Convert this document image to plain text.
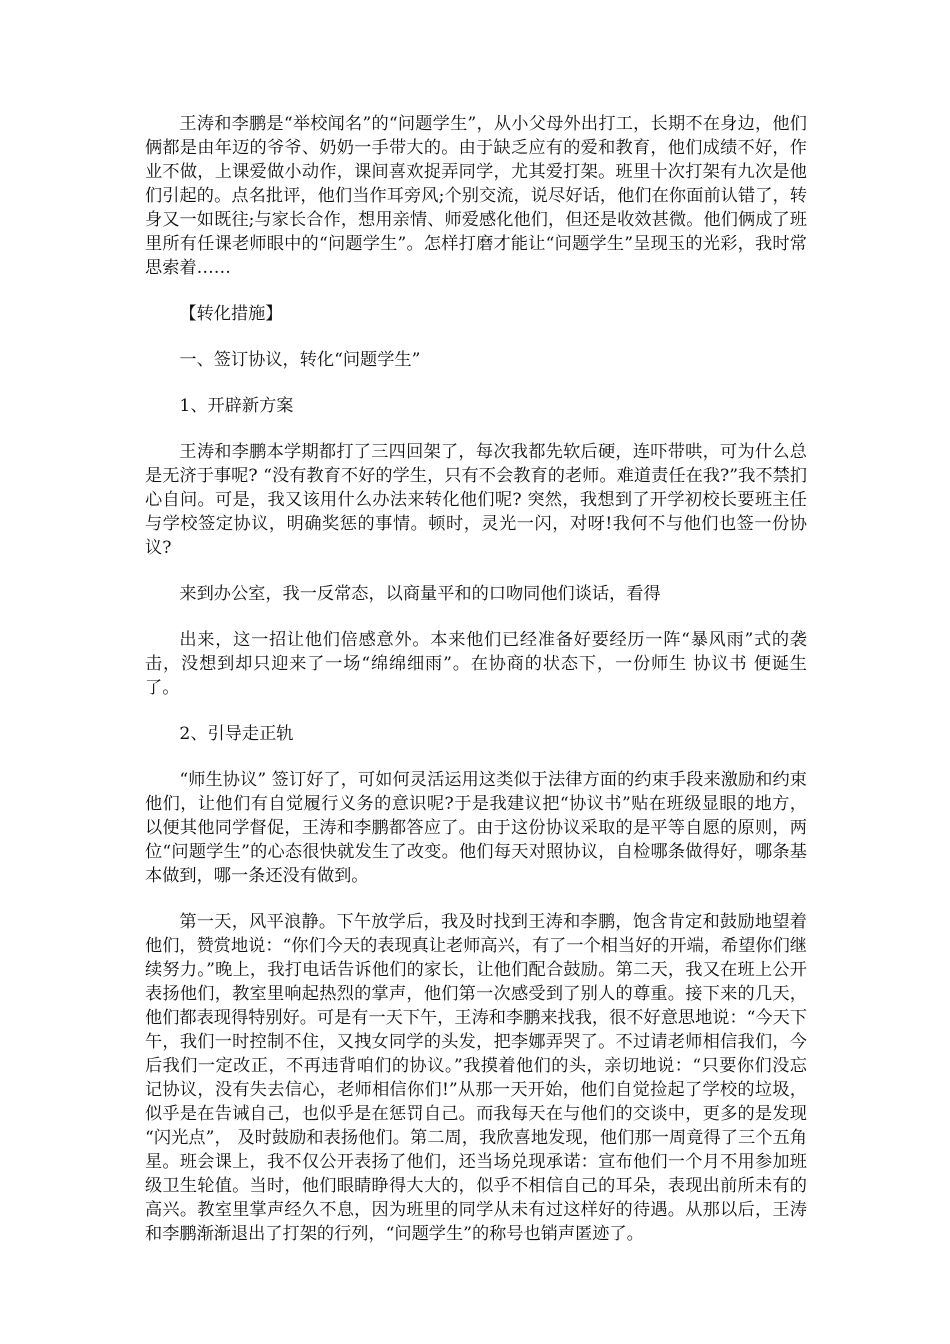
王涛和李鹏是“举校闻名”的“问题学生”，从小父母外出打工，长期不在身边，他们俩都是由年迈的爷爷、奶奶一手带大的。由于缺乏应有的爱和教育，他们成绩不好，作业不做，上课爱做小动作，课间喜欢捉弄同学，尤其爱打架。班里十次打架有九次是他们引起的。点名批评，他们当作耳旁风;个别交流，说尽好话，他们在你面前认错了，转身又一如既往;与家长合作，想用亲情、师爱感化他们，但还是收效甚微。他们俩成了班里所有任课老师眼中的“问题学生”。怎样打磨才能让“问题学生”呈现玉的光彩，我时常思索着……

【转化措施】

一、签订协议，转化“问题学生”

1、开辟新方案

王涛和李鹏本学期都打了三四回架了，每次我都先软后硬，连吓带哄，可为什么总是无济于事呢? “没有教育不好的学生，只有不会教育的老师。难道责任在我?”我不禁扪心自问。可是，我又该用什么办法来转化他们呢? 突然，我想到了开学初校长要班主任与学校签定协议，明确奖惩的事情。顿时，灵光一闪，对呀!我何不与他们也签一份协议?

来到办公室，我一反常态，以商量平和的口吻同他们谈话，看得

出来，这一招让他们倍感意外。本来他们已经准备好要经历一阵“暴风雨”式的袭击，没想到却只迎来了一场“绵绵细雨”。在协商的状态下，一份师生 协议书 便诞生了。

2、引导走正轨

“师生协议” 签订好了，可如何灵活运用这类似于法律方面的约束手段来激励和约束他们，让他们有自觉履行义务的意识呢?于是我建议把“协议书”贴在班级显眼的地方，以便其他同学督促，王涛和李鹏都答应了。由于这份协议采取的是平等自愿的原则，两位“问题学生”的心态很快就发生了改变。他们每天对照协议，自检哪条做得好，哪条基本做到，哪一条还没有做到。

第一天，风平浪静。下午放学后，我及时找到王涛和李鹏，饱含肯定和鼓励地望着他们，赞赏地说：“你们今天的表现真让老师高兴，有了一个相当好的开端，希望你们继续努力。”晚上，我打电话告诉他们的家长，让他们配合鼓励。第二天，我又在班上公开表扬他们，教室里响起热烈的掌声，他们第一次感受到了别人的尊重。接下来的几天，他们都表现得特别好。可是有一天下午，王涛和李鹏来找我，很不好意思地说：“今天下午，我们一时控制不住，又拽女同学的头发，把李娜弄哭了。不过请老师相信我们，今后我们一定改正，不再违背咱们的协议。”我摸着他们的头，亲切地说：“只要你们没忘记协议，没有失去信心，老师相信你们!”从那一天开始，他们自觉捡起了学校的垃圾，似乎是在告诫自己，也似乎是在惩罚自己。而我每天在与他们的交谈中，更多的是发现 “闪光点”， 及时鼓励和表扬他们。第二周，我欣喜地发现，他们那一周竟得了三个五角星。班会课上，我不仅公开表扬了他们，还当场兑现承诺：宣布他们一个月不用参加班级卫生轮值。当时，他们眼睛睁得大大的，似乎不相信自己的耳朵，表现出前所未有的高兴。教室里掌声经久不息，因为班里的同学从未有过这样好的待遇。从那以后，王涛和李鹏渐渐退出了打架的行列，“问题学生”的称号也销声匿迹了。
